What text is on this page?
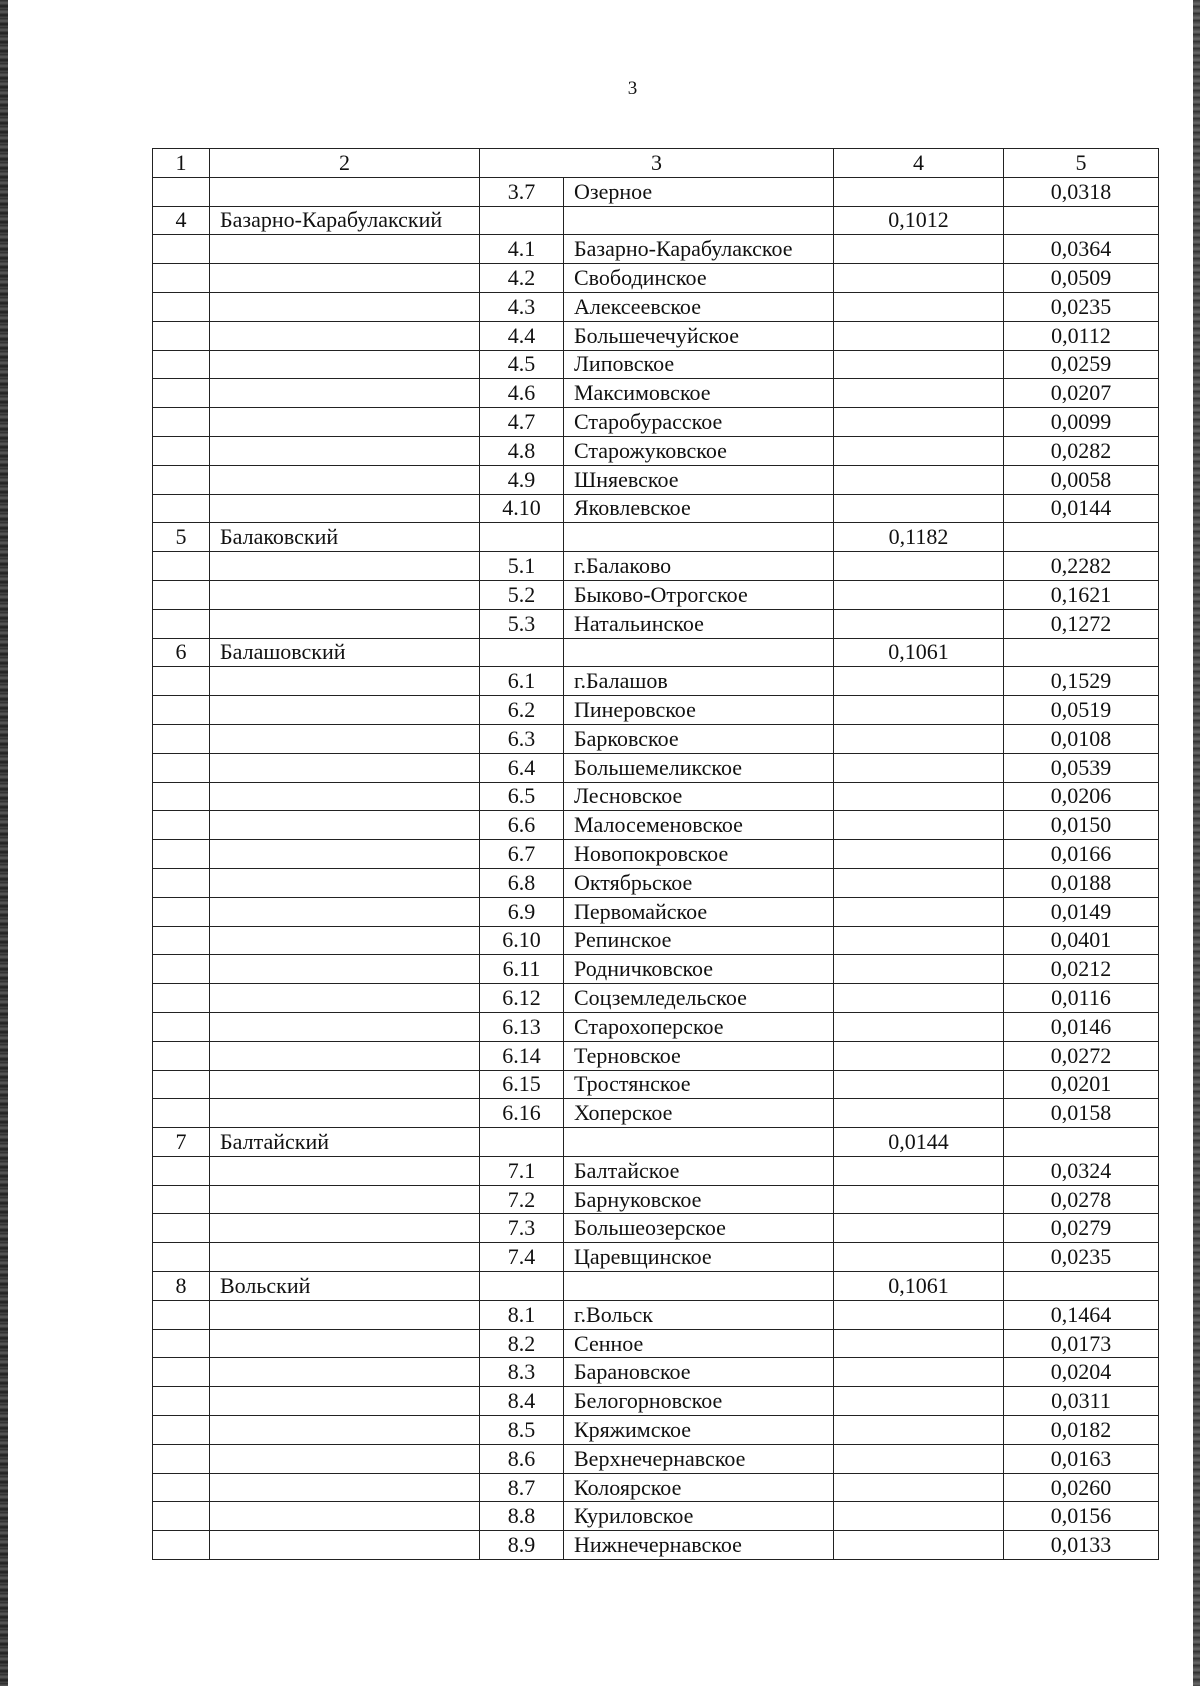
3
1	2	3		4	5
		3.7	Озерное		0,0318
4	Базарно-Карабулакский			0,1012	
		4.1	Базарно-Карабулакское		0,0364
		4.2	Свободинское		0,0509
		4.3	Алексеевское		0,0235
		4.4	Большечечуйское		0,0112
		4.5	Липовское		0,0259
		4.6	Максимовское		0,0207
		4.7	Старобурасское		0,0099
		4.8	Старожуковское		0,0282
		4.9	Шняевское		0,0058
		4.10	Яковлевское		0,0144
5	Балаковский			0,1182	
		5.1	г.Балаково		0,2282
		5.2	Быково-Отрогское		0,1621
		5.3	Натальинское		0,1272
6	Балашовский			0,1061	
		6.1	г.Балашов		0,1529
		6.2	Пинеровское		0,0519
		6.3	Барковское		0,0108
		6.4	Большемеликское		0,0539
		6.5	Лесновское		0,0206
		6.6	Малосеменовское		0,0150
		6.7	Новопокровское		0,0166
		6.8	Октябрьское		0,0188
		6.9	Первомайское		0,0149
		6.10	Репинское		0,0401
		6.11	Родничковское		0,0212
		6.12	Соцземледельское		0,0116
		6.13	Старохоперское		0,0146
		6.14	Терновское		0,0272
		6.15	Тростянское		0,0201
		6.16	Хоперское		0,0158
7	Балтайский			0,0144	
		7.1	Балтайское		0,0324
		7.2	Барнуковское		0,0278
		7.3	Большеозерское		0,0279
		7.4	Царевщинское		0,0235
8	Вольский			0,1061	
		8.1	г.Вольск		0,1464
		8.2	Сенное		0,0173
		8.3	Барановское		0,0204
		8.4	Белогорновское		0,0311
		8.5	Кряжимское		0,0182
		8.6	Верхнечернавское		0,0163
		8.7	Колоярское		0,0260
		8.8	Куриловское		0,0156
		8.9	Нижнечернавское		0,0133
